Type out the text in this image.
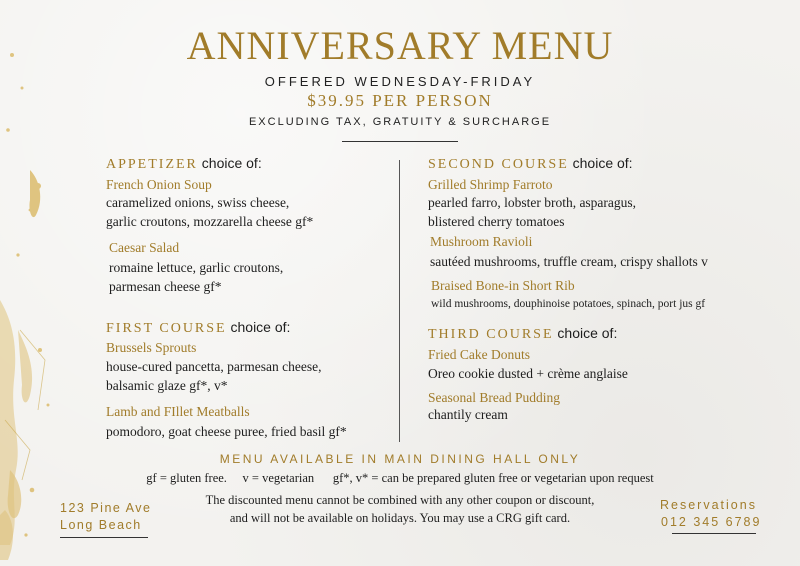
ANNIVERSARY MENU
OFFERED WEDNESDAY-FRIDAY
$39.95 PER PERSON
EXCLUDING TAX, GRATUITY & SURCHARGE
APPETIZER choice of:
French Onion Soup
caramelized onions, swiss cheese,
garlic croutons, mozzarella cheese gf*
Caesar Salad
romaine lettuce, garlic croutons,
parmesan cheese gf*
FIRST COURSE choice of:
Brussels Sprouts
house-cured pancetta, parmesan cheese,
balsamic glaze gf*, v*
Lamb and FIllet Meatballs
pomodoro, goat cheese puree, fried basil gf*
SECOND COURSE choice of:
Grilled Shrimp Farroto
pearled farro, lobster broth, asparagus,
blistered cherry tomatoes
Mushroom Ravioli
sautéed mushrooms, truffle cream, crispy shallots v
Braised Bone-in Short Rib
wild mushrooms, douphinoise potatoes, spinach, port jus gf
THIRD COURSE choice of:
Fried Cake Donuts
Oreo cookie dusted + crème anglaise
Seasonal Bread Pudding
chantily cream
MENU AVAILABLE IN MAIN DINING HALL ONLY
gf = gluten free.     v = vegetarian      gf*, v* = can be prepared gluten free or vegetarian upon request
The discounted menu cannot be combined with any other coupon or discount,
and will not be available on holidays. You may use a CRG gift card.
123 Pine Ave
Long Beach
Reservations
012 345 6789
